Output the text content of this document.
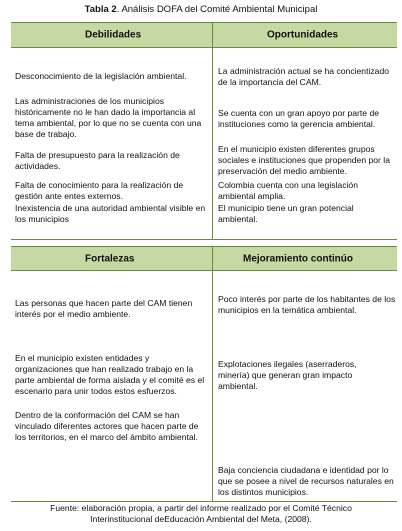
Tabla 2. Análisis DOFA del Comité Ambiental Municipal
Debilidades	Oportunidades
Desconocimiento de la legislación ambiental.
Las administraciones de los municipios históricamente no le han dado la importancia al tema ambiental, por lo que no se cuenta con una base de trabajo.
Falta de presupuesto para la realización de actividades.
Falta de conocimiento para la realización de gestión ante entes externos.
Inexistencia de una autoridad ambiental visible en los municipios
La administración actual se ha concientizado de la importancia del CAM.
Se cuenta con un gran apoyo por parte de instituciones como la gerencia ambiental.
En el municipio existen diferentes grupos sociales e instituciones que propenden por la preservación del medio ambiente.
Colombia cuenta con una legislación ambiental amplia.
El municipio tiene un gran potencial ambiental.
Fortalezas	Mejoramiento continúo
Las personas que hacen parte del CAM tienen interés por el medio ambiente.
En el municipio existen entidades y organizaciones que han realizado trabajo en la parte ambiental de forma aislada y el comité es el escenario para unir todos estos esfuerzos.
Dentro de la conformación del CAM se han vinculado diferentes actores que hacen parte de los territorios, en el marco del ámbito ambiental.
Poco interés por parte de los habitantes de los municipios en la temática ambiental.
Explotaciones ilegales (aserraderos, minería) que generan gran impacto ambiental.
Baja conciencia ciudadana e identidad por lo que se posee a nivel de recursos naturales en los distintos municipios.
Fuente: elaboración propia, a partir del informe realizado por el Comité Técnico
Interinstitucional deEducación Ambiental del Meta, (2008).
